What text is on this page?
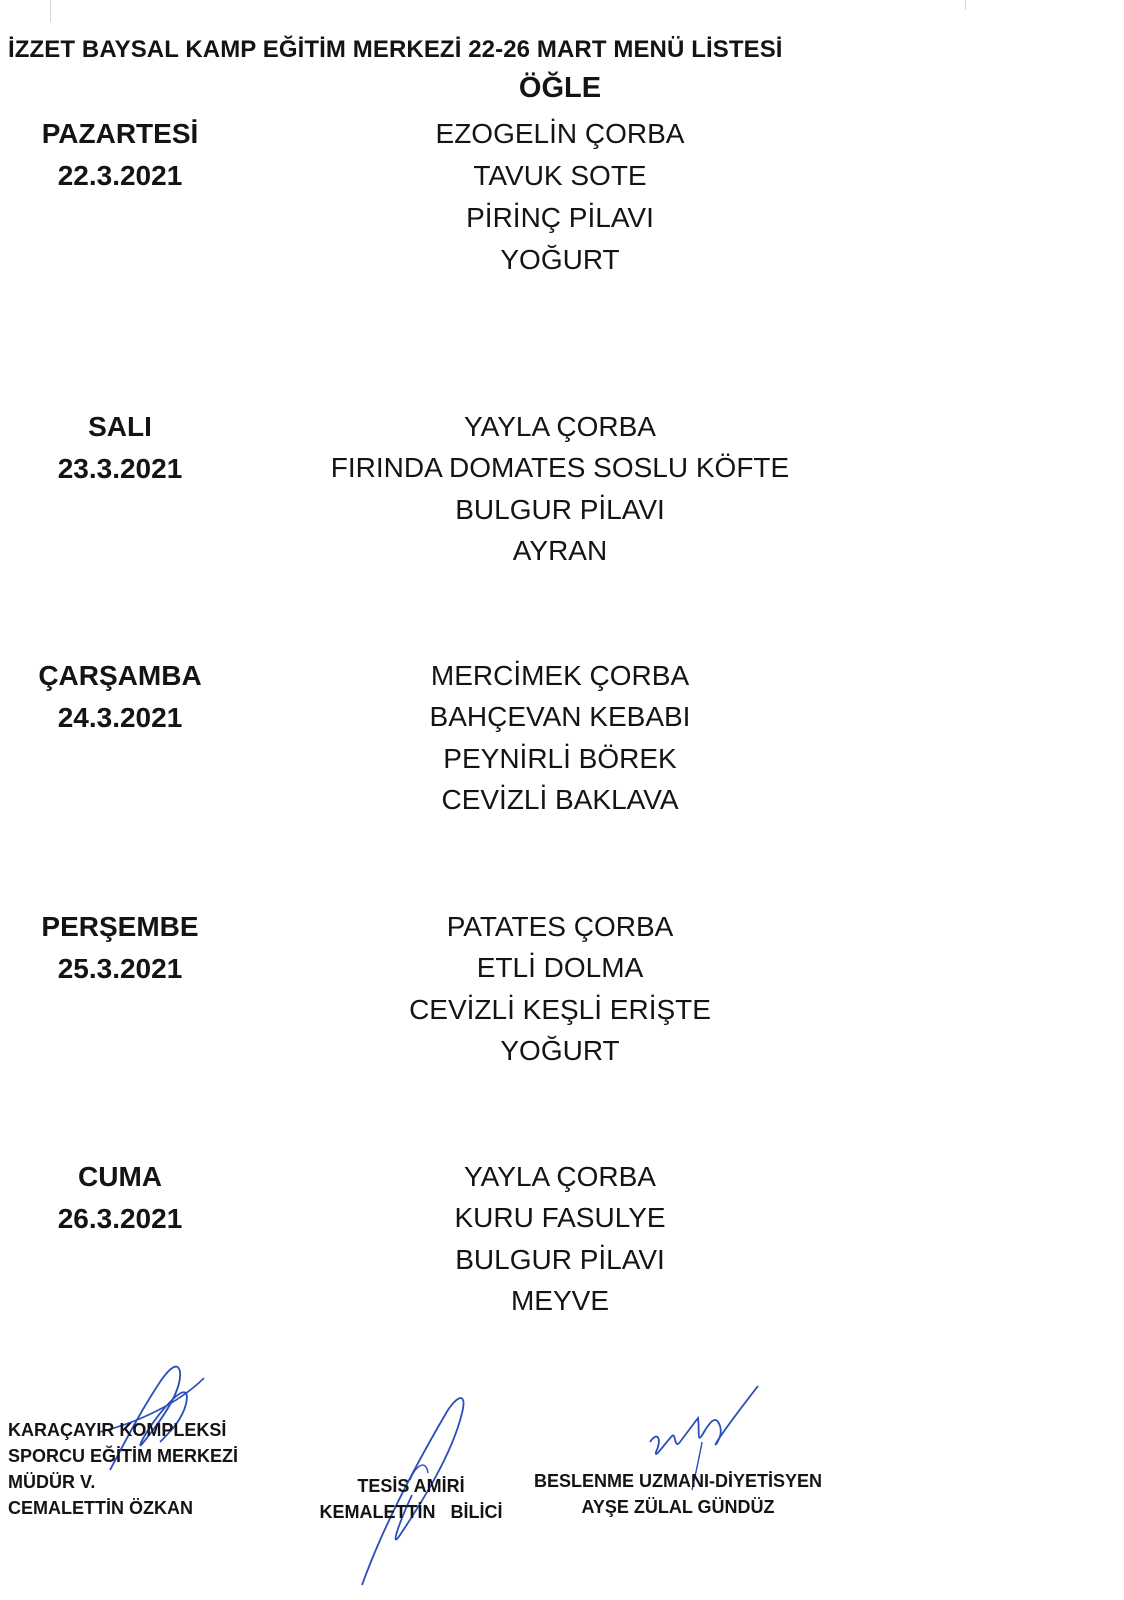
İZZET BAYSAL KAMP EĞİTİM MERKEZİ 22-26 MART MENÜ LİSTESİ
ÖĞLE
PAZARTESİ
22.3.2021
EZOGELİN ÇORBA
TAVUK SOTE
PİRİNÇ PİLAVI
YOĞURT
SALI
23.3.2021
YAYLA ÇORBA
FIRINDA DOMATES SOSLU KÖFTE
BULGUR PİLAVI
AYRAN
ÇARŞAMBA
24.3.2021
MERCİMEK ÇORBA
BAHÇEVAN KEBABI
PEYNİRLİ BÖREK
CEVİZLİ BAKLAVA
PERŞEMBE
25.3.2021
PATATES ÇORBA
ETLİ DOLMA
CEVİZLİ KEŞLİ ERİŞTE
YOĞURT
CUMA
26.3.2021
YAYLA ÇORBA
KURU FASULYE
BULGUR PİLAVI
MEYVE
KARAÇAYIR KOMPLEKSİ
SPORCU EĞİTİM MERKEZİ
MÜDÜR V.
CEMALETTİN ÖZKAN
TESİS AMİRİ
KEMALETTİN   BİLİCİ
BESLENME UZMANI-DİYETİSYEN
AYŞE ZÜLAL GÜNDÜZ
